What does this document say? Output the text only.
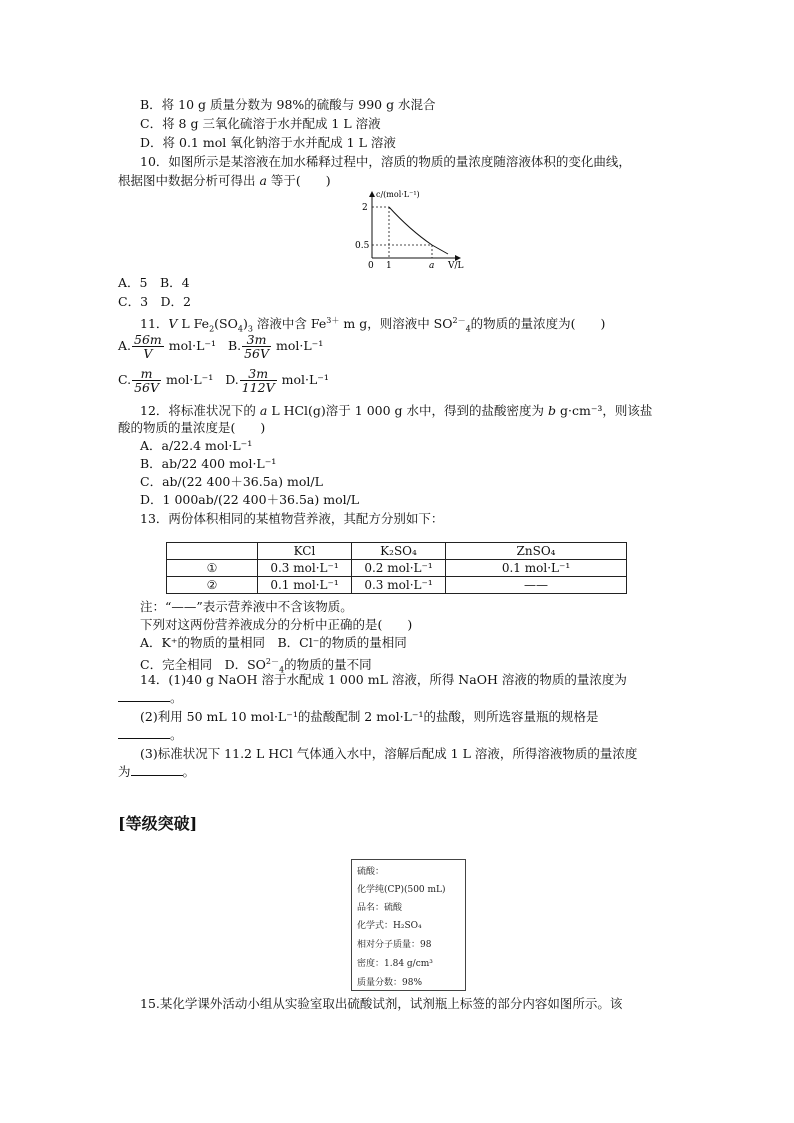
B．将 10 g 质量分数为 98%的硫酸与 990 g 水混合
C．将 8 g 三氧化硫溶于水并配成 1 L 溶液
D．将 0.1 mol 氧化钠溶于水并配成 1 L 溶液
10．如图所示是某溶液在加水稀释过程中，溶质的物质的量浓度随溶液体积的变化曲线，
根据图中数据分析可得出 a 等于(　　)
c/(mol·L⁻¹)
2
0.5
0 1	a V/L
A．5　B．4
C．3　D．2
11．V L $Fe_2(SO_4)_3$ 溶液中含 $Fe^{3+}$ m g，则溶液中 $SO^{2-}_4$的物质的量浓度为(　　)
A. $\frac{56m}{V} mol\cdot L^{-1}$ B. $\frac{3m}{56V} mol\cdot L^{-1}$
C. $\frac{m}{56V} mol\cdot L^{-1}$ D. $\frac{3m}{112V} mol\cdot L^{-1}$
12．将标准状况下的 a L HCl(g)溶于 1 000 g 水中，得到的盐酸密度为 b g·cm⁻³，则该盐
酸的物质的量浓度是(　　)
A．a/22.4 mol·L⁻¹
B．ab/22 400 mol·L⁻¹
C．ab/(22 400＋36.5a) mol/L
D．1 000ab/(22 400＋36.5a) mol/L
13．两份体积相同的某植物营养液，其配方分别如下：
	KCl	K₂SO₄	ZnSO₄
①	0.3 mol·L⁻¹	0.2 mol·L⁻¹	0.1 mol·L⁻¹
②	0.1 mol·L⁻¹	0.3 mol·L⁻¹	——
注：“——”表示营养液中不含该物质。
下列对这两份营养液成分的分析中正确的是(　　)
A．K⁺的物质的量相同　B．Cl⁻的物质的量相同
C．完全相同　D．$SO^{2-}_4$的物质的量不同
14．(1)40 g NaOH 溶于水配成 1 000 mL 溶液，所得 NaOH 溶液的物质的量浓度为
。
(2)利用 50 mL 10 mol·L⁻¹的盐酸配制 2 mol·L⁻¹的盐酸，则所选容量瓶的规格是
。
(3)标准状况下 11.2 L HCl 气体通入水中，溶解后配成 1 L 溶液，所得溶液物质的量浓度
为	。
[等级突破]
硫酸：
化学纯(CP)(500 mL)
品名：硫酸
化学式：H₂SO₄
相对分子质量：98
密度：1.84 g/cm³
质量分数：98%
15.某化学课外活动小组从实验室取出硫酸试剂，试剂瓶上标签的部分内容如图所示。该
